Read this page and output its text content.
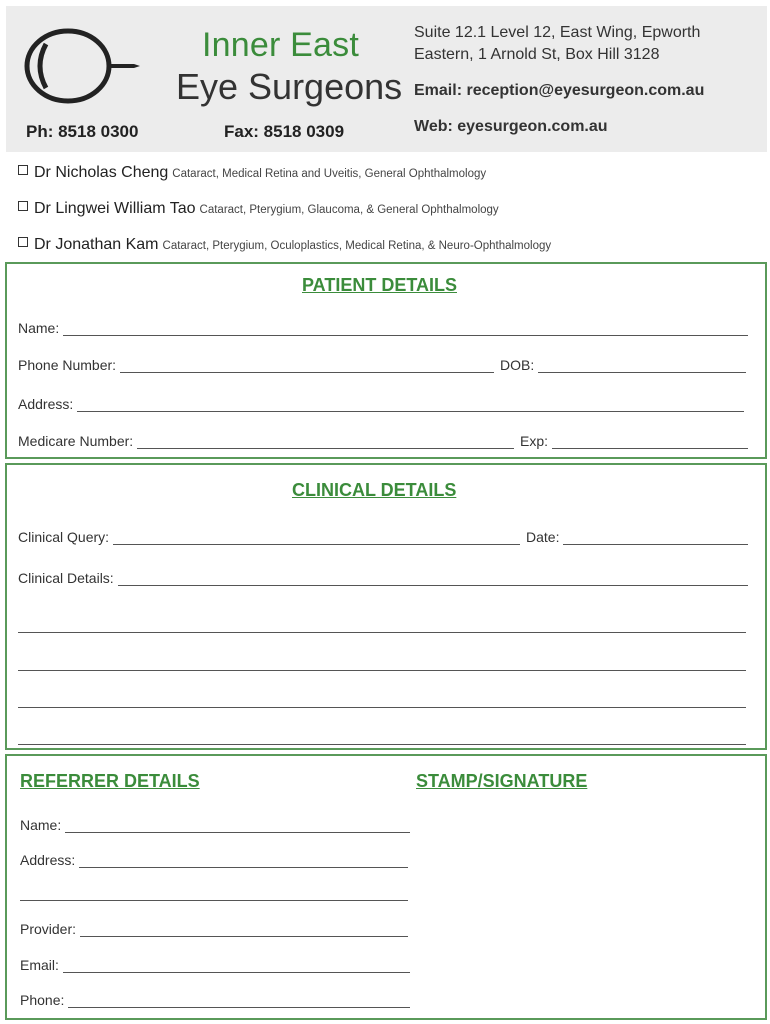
Inner East
Eye Surgeons
Suite 12.1 Level 12, East Wing, Epworth Eastern, 1 Arnold St, Box Hill 3128
Email: reception@eyesurgeon.com.au
Web: eyesurgeon.com.au
Ph: 8518 0300	Fax: 8518 0309
Dr Nicholas Cheng Cataract, Medical Retina and Uveitis, General Ophthalmology
Dr Lingwei William Tao Cataract, Pterygium, Glaucoma, & General Ophthalmology
Dr Jonathan Kam Cataract, Pterygium, Oculoplastics, Medical Retina, & Neuro-Ophthalmology
PATIENT DETAILS
Name:
Phone Number:	DOB:
Address:
Medicare Number:	Exp:
CLINICAL DETAILS
Clinical Query:	Date:
Clinical Details:
REFERRER DETAILS	STAMP/SIGNATURE
Name:
Address:
Provider:
Email:
Phone:
